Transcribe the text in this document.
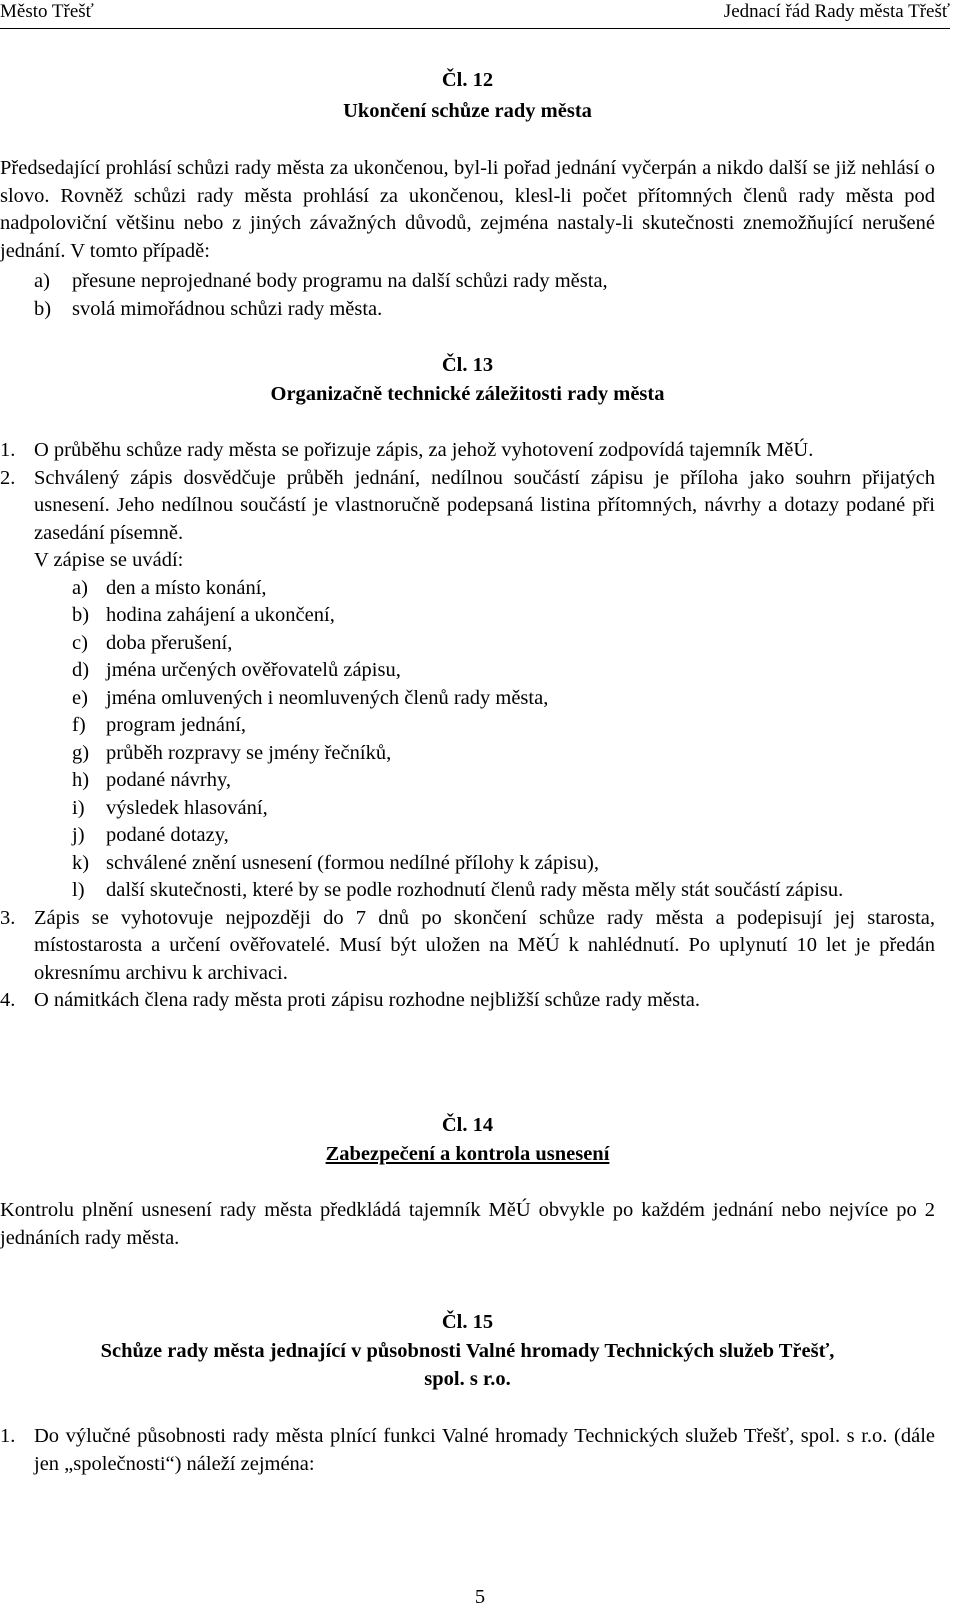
Město Třešť	Jednací řád Rady města Třešť
Čl. 12
Ukončení schůze rady města

Předsedající prohlásí schůzi rady města za ukončenou, byl-li pořad jednání vyčerpán a nikdo další se již nehlásí o slovo. Rovněž schůzi rady města prohlásí za ukončenou, klesl-li počet přítomných členů rady města pod nadpoloviční většinu nebo z jiných závažných důvodů, zejména nastaly-li skutečnosti znemožňující nerušené jednání. V tomto případě:

a) přesune neprojednané body programu na další schůzi rady města,
b) svolá mimořádnou schůzi rady města.
Čl. 13
Organizačně technické záležitosti rady města
1. O průběhu schůze rady města se pořizuje zápis, za jehož vyhotovení zodpovídá tajemník MěÚ.
2. Schválený zápis dosvědčuje průběh jednání, nedílnou součástí zápisu je příloha jako souhrn přijatých usnesení. Jeho nedílnou součástí je vlastnoručně podepsaná listina přítomných, návrhy a dotazy podané při zasedání písemně.
V zápise se uvádí:
a) den a místo konání,
b) hodina zahájení a ukončení,
c) doba přerušení,
d) jména určených ověřovatelů zápisu,
e) jména omluvených i neomluvených členů rady města,
f) program jednání,
g) průběh rozpravy se jmény řečníků,
h) podané návrhy,
i) výsledek hlasování,
j) podané dotazy,
k) schválené znění usnesení (formou nedílné přílohy k zápisu),
l) další skutečnosti, které by se podle rozhodnutí členů rady města měly stát součástí zápisu.
3. Zápis se vyhotovuje nejpozději do 7 dnů po skončení schůze rady města a podepisují jej starosta, místostarosta a určení ověřovatelé. Musí být uložen na MěÚ k nahlédnutí. Po uplynutí 10 let je předán okresnímu archivu k archivaci.
4. O námitkách člena rady města proti zápisu rozhodne nejbližší schůze rady města.
Čl. 14
Zabezpečení a kontrola usnesení

Kontrolu plnění usnesení rady města předkládá tajemník MěÚ obvykle po každém jednání nebo nejvíce po 2 jednáních rady města.

Čl. 15
Schůze rady města jednající v působnosti Valné hromady Technických služeb Třešť,
spol. s r.o.
1. Do výlučné působnosti rady města plnící funkci Valné hromady Technických služeb Třešť, spol. s r.o. (dále jen „společnosti“) náleží zejména:
5
